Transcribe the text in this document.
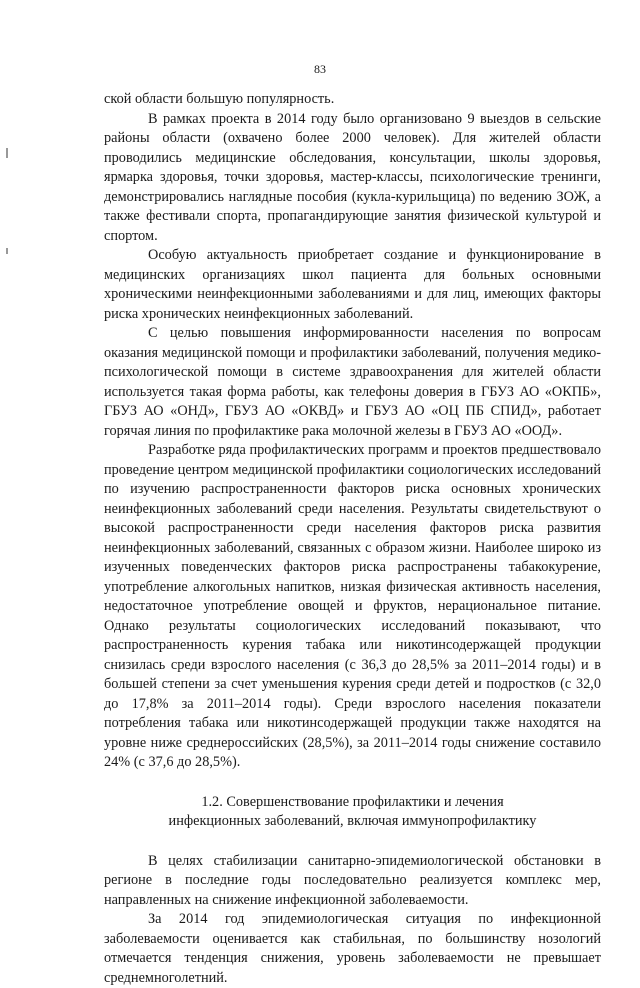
83

ской области большую популярность.

В рамках проекта в 2014 году было организовано 9 выездов в сельские районы области (охвачено более 2000 человек). Для жителей области проводились медицинские обследования, консультации, школы здоровья, ярмарка здоровья, точки здоровья, мастер-классы, психологические тренинги, демонстрировались наглядные пособия (кукла-курильщица) по ведению ЗОЖ, а также фестивали спорта, пропагандирующие занятия физической культурой и спортом.

Особую актуальность приобретает создание и функционирование в медицинских организациях школ пациента для больных основными хроническими неинфекционными заболеваниями и для лиц, имеющих факторы риска хронических неинфекционных заболеваний.

С целью повышения информированности населения по вопросам оказания медицинской помощи и профилактики заболеваний, получения медико-психологической помощи в системе здравоохранения для жителей области используется такая форма работы, как телефоны доверия в ГБУЗ АО «ОКПБ», ГБУЗ АО «ОНД», ГБУЗ АО «ОКВД» и ГБУЗ АО «ОЦ ПБ СПИД», работает горячая линия по профилактике рака молочной железы в ГБУЗ АО «ООД».

Разработке ряда профилактических программ и проектов предшествовало проведение центром медицинской профилактики социологических исследований по изучению распространенности факторов риска основных хронических неинфекционных заболеваний среди населения. Результаты свидетельствуют о высокой распространенности среди населения факторов риска развития неинфекционных заболеваний, связанных с образом жизни. Наиболее широко из изученных поведенческих факторов риска распространены табакокурение, употребление алкогольных напитков, низкая физическая активность населения, недостаточное употребление овощей и фруктов, нерациональное питание. Однако результаты социологических исследований показывают, что распространенность курения табака или никотинсодержащей продукции снизилась среди взрослого населения (с 36,3 до 28,5% за 2011–2014 годы) и в большей степени за счет уменьшения курения среди детей и подростков (с 32,0 до 17,8% за 2011–2014 годы). Среди взрослого населения показатели потребления табака или никотинсодержащей продукции также находятся на уровне ниже среднероссийских (28,5%), за 2011–2014 годы снижение составило 24% (с 37,6 до 28,5%).

1.2. Совершенствование профилактики и лечения
инфекционных заболеваний, включая иммунопрофилактику

В целях стабилизации санитарно-эпидемиологической обстановки в регионе в последние годы последовательно реализуется комплекс мер, направленных на снижение инфекционной заболеваемости.

За 2014 год эпидемиологическая ситуация по инфекционной заболеваемости оценивается как стабильная, по большинству нозологий отмечается тенденция снижения, уровень заболеваемости не превышает среднемноголетний.
